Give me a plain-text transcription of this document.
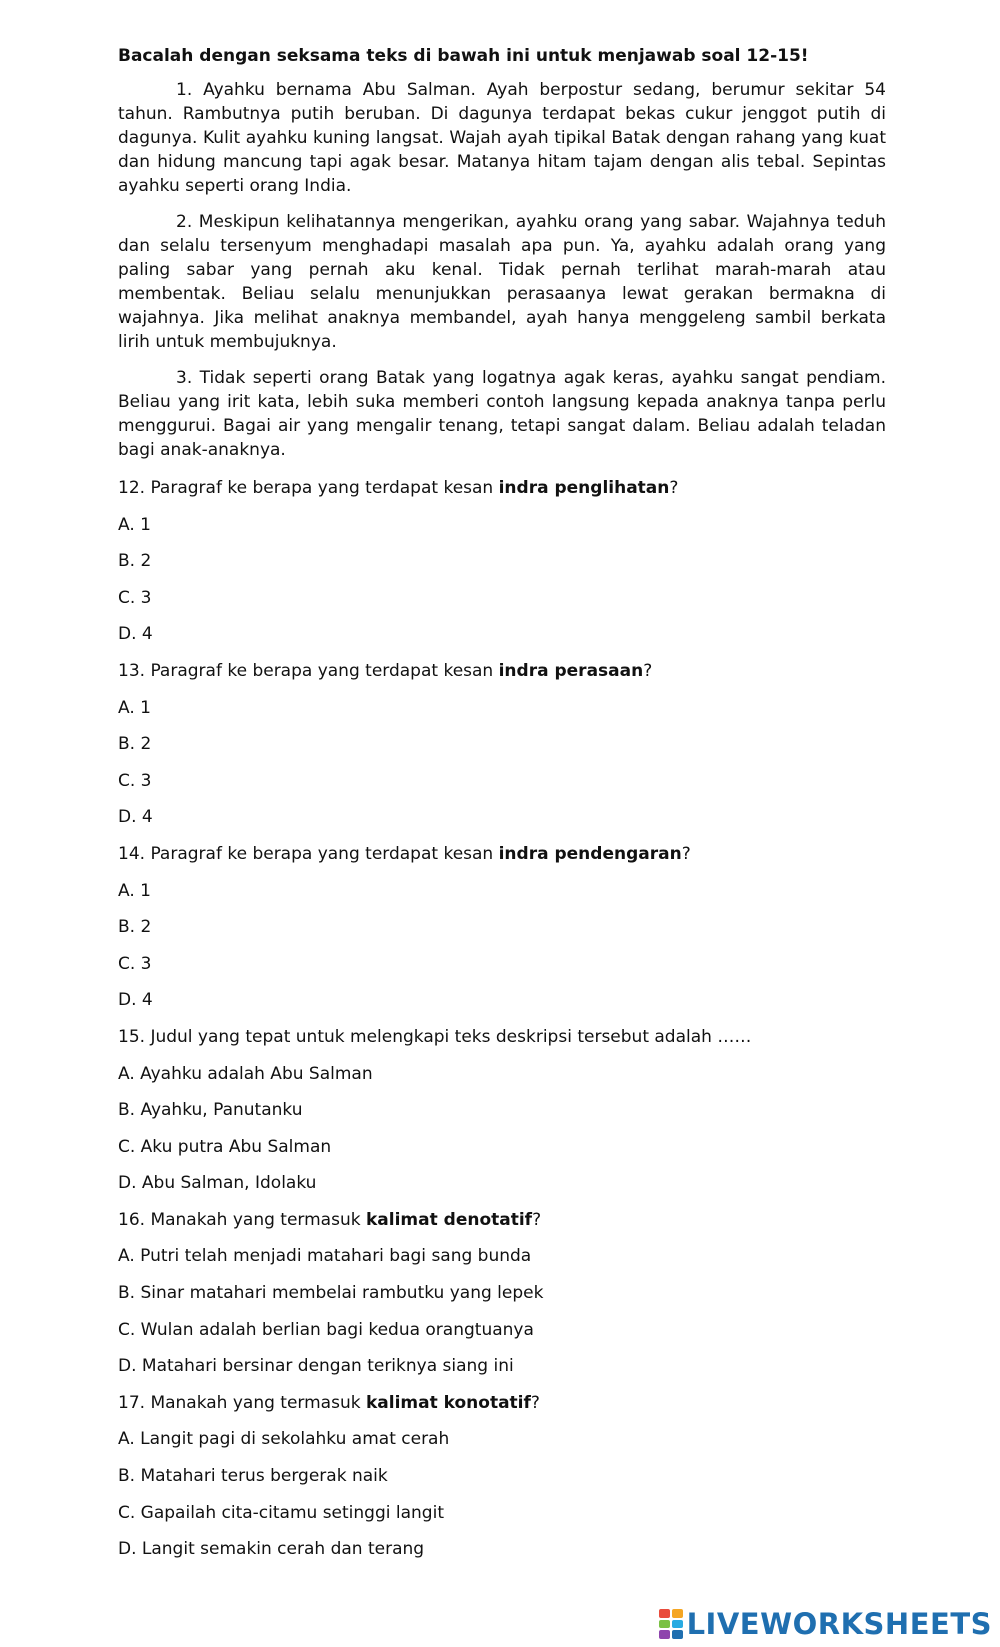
Bacalah dengan seksama teks di bawah ini untuk menjawab soal 12-15!

1. Ayahku bernama Abu Salman. Ayah berpostur sedang, berumur sekitar 54 tahun. Rambutnya putih beruban. Di dagunya terdapat bekas cukur jenggot putih di dagunya. Kulit ayahku kuning langsat. Wajah ayah tipikal Batak dengan rahang yang kuat dan hidung mancung tapi agak besar. Matanya hitam tajam dengan alis tebal. Sepintas ayahku seperti orang India.

2. Meskipun kelihatannya mengerikan, ayahku orang yang sabar. Wajahnya teduh dan selalu tersenyum menghadapi masalah apa pun. Ya, ayahku adalah orang yang paling sabar yang pernah aku kenal. Tidak pernah terlihat marah-marah atau membentak. Beliau selalu menunjukkan perasaanya lewat gerakan bermakna di wajahnya. Jika melihat anaknya membandel, ayah hanya menggeleng sambil berkata lirih untuk membujuknya.

3. Tidak seperti orang Batak yang logatnya agak keras, ayahku sangat pendiam. Beliau yang irit kata, lebih suka memberi contoh langsung kepada anaknya tanpa perlu menggurui. Bagai air yang mengalir tenang, tetapi sangat dalam. Beliau adalah teladan bagi anak-anaknya.

12. Paragraf ke berapa yang terdapat kesan indra penglihatan?

A. 1

B. 2

C. 3

D. 4

13. Paragraf ke berapa yang terdapat kesan indra perasaan?

A. 1

B. 2

C. 3

D. 4

14. Paragraf ke berapa yang terdapat kesan indra pendengaran?

A. 1

B. 2

C. 3

D. 4

15. Judul yang tepat untuk melengkapi teks deskripsi tersebut adalah ……

A. Ayahku adalah Abu Salman

B. Ayahku, Panutanku

C. Aku putra Abu Salman

D. Abu Salman, Idolaku

16. Manakah yang termasuk kalimat denotatif?

A. Putri telah menjadi matahari bagi sang bunda

B. Sinar matahari membelai rambutku yang lepek

C. Wulan adalah berlian bagi kedua orangtuanya

D. Matahari bersinar dengan teriknya siang ini

17. Manakah yang termasuk kalimat konotatif?

A. Langit pagi di sekolahku amat cerah

B. Matahari terus bergerak naik

C. Gapailah cita-citamu setinggi langit

D. Langit semakin cerah dan terang

LIVEWORKSHEETS
